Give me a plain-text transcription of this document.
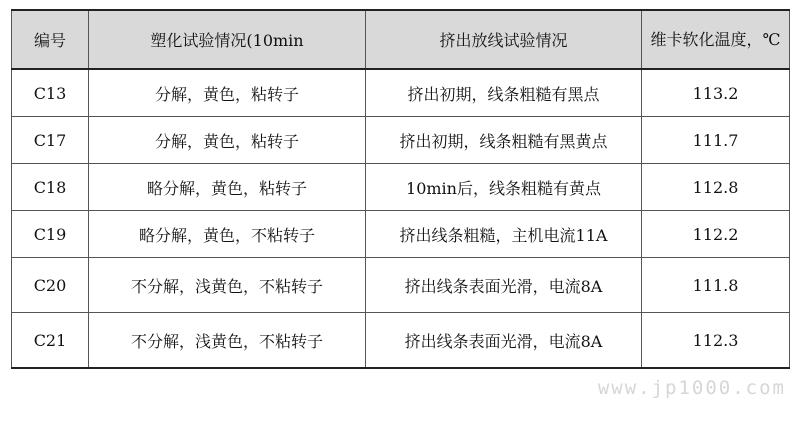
编号	塑化试验情况(10min	挤出放线试验情况	维卡软化温度，℃
C13	分解，黄色，粘转子	挤出初期，线条粗糙有黑点	113.2
C17	分解，黄色，粘转子	挤出初期，线条粗糙有黑黄点	111.7
C18	略分解，黄色，粘转子	10min后，线条粗糙有黄点	112.8
C19	略分解，黄色，不粘转子	挤出线条粗糙，主机电流11A	112.2
C20	不分解，浅黄色，不粘转子	挤出线条表面光滑，电流8A	111.8
C21	不分解，浅黄色，不粘转子	挤出线条表面光滑，电流8A	112.3
www.jp1000.com
